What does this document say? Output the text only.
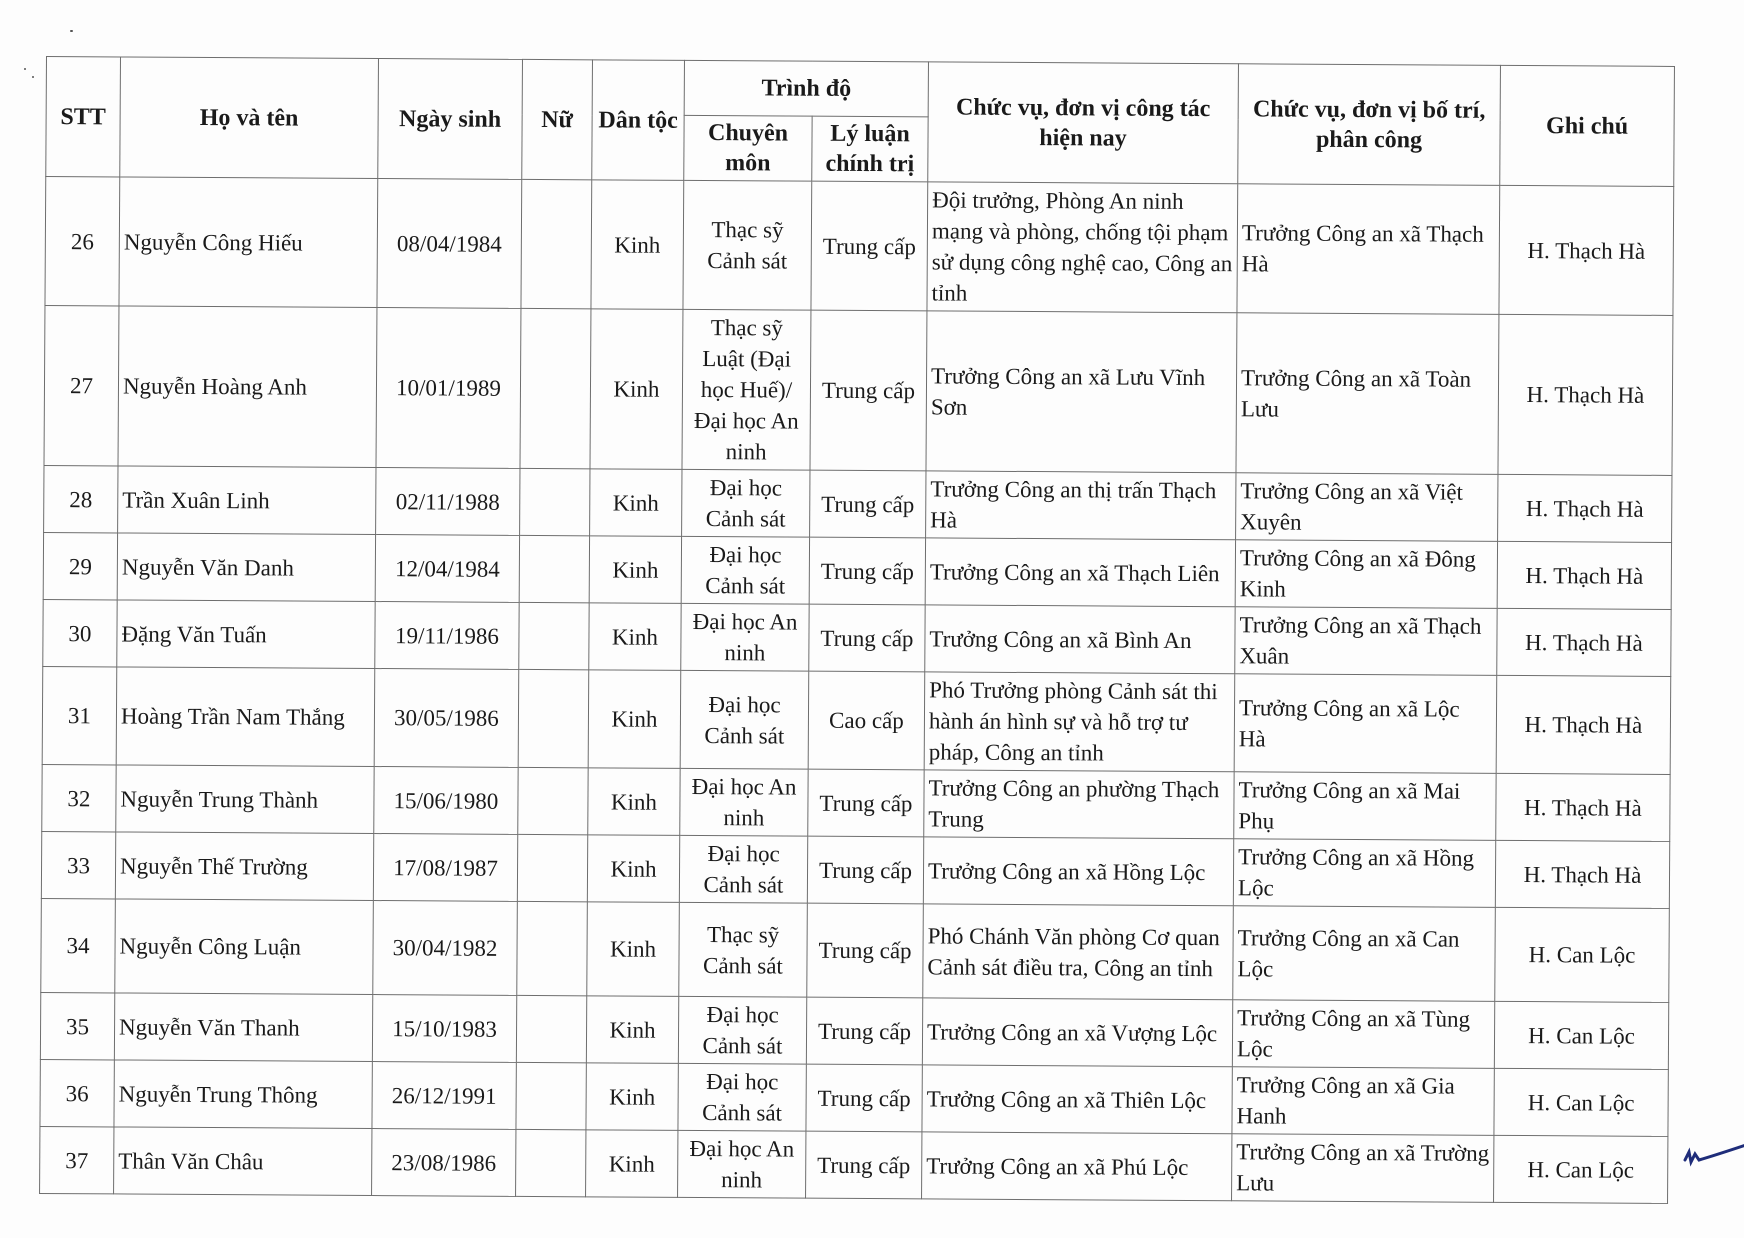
STT	Họ và tên	Ngày sinh	Nữ	Dân tộc	Trình độ		Chức vụ, đơn vị công tác hiện nay	Chức vụ, đơn vị bố trí, phân công	Ghi chú
					Chuyên môn	Lý luận chính trị			
26	Nguyễn Công Hiếu	08/04/1984		Kinh	Thạc sỹ Cảnh sát	Trung cấp	Đội trưởng, Phòng An ninh mạng và phòng, chống tội phạm sử dụng công nghệ cao, Công an tỉnh	Trưởng Công an xã Thạch Hà	H. Thạch Hà
27	Nguyễn Hoàng Anh	10/01/1989		Kinh	Thạc sỹ Luật (Đại học Huế)/ Đại học An ninh	Trung cấp	Trưởng Công an xã Lưu Vĩnh Sơn	Trưởng Công an xã Toàn Lưu	H. Thạch Hà
28	Trần Xuân Linh	02/11/1988		Kinh	Đại học Cảnh sát	Trung cấp	Trưởng Công an thị trấn Thạch Hà	Trưởng Công an xã Việt Xuyên	H. Thạch Hà
29	Nguyễn Văn Danh	12/04/1984		Kinh	Đại học Cảnh sát	Trung cấp	Trưởng Công an xã Thạch Liên	Trưởng Công an xã Đông Kinh	H. Thạch Hà
30	Đặng Văn Tuấn	19/11/1986		Kinh	Đại học An ninh	Trung cấp	Trưởng Công an xã Bình An	Trưởng Công an xã Thạch Xuân	H. Thạch Hà
31	Hoàng Trần Nam Thắng	30/05/1986		Kinh	Đại học Cảnh sát	Cao cấp	Phó Trưởng phòng Cảnh sát thi hành án hình sự và hỗ trợ tư pháp, Công an tỉnh	Trưởng Công an xã Lộc Hà	H. Thạch Hà
32	Nguyễn Trung Thành	15/06/1980		Kinh	Đại học An ninh	Trung cấp	Trưởng Công an phường Thạch Trung	Trưởng Công an xã Mai Phụ	H. Thạch Hà
33	Nguyễn Thế Trường	17/08/1987		Kinh	Đại học Cảnh sát	Trung cấp	Trưởng Công an xã Hồng Lộc	Trưởng Công an xã Hồng Lộc	H. Thạch Hà
34	Nguyễn Công Luận	30/04/1982		Kinh	Thạc sỹ Cảnh sát	Trung cấp	Phó Chánh Văn phòng Cơ quan Cảnh sát điều tra, Công an tỉnh	Trưởng Công an xã Can Lộc	H. Can Lộc
35	Nguyễn Văn Thanh	15/10/1983		Kinh	Đại học Cảnh sát	Trung cấp	Trưởng Công an xã Vượng Lộc	Trưởng Công an xã Tùng Lộc	H. Can Lộc
36	Nguyễn Trung Thông	26/12/1991		Kinh	Đại học Cảnh sát	Trung cấp	Trưởng Công an xã Thiên Lộc	Trưởng Công an xã Gia Hanh	H. Can Lộc
37	Thân Văn Châu	23/08/1986		Kinh	Đại học An ninh	Trung cấp	Trưởng Công an xã Phú Lộc	Trưởng Công an xã Trường Lưu	H. Can Lộc
